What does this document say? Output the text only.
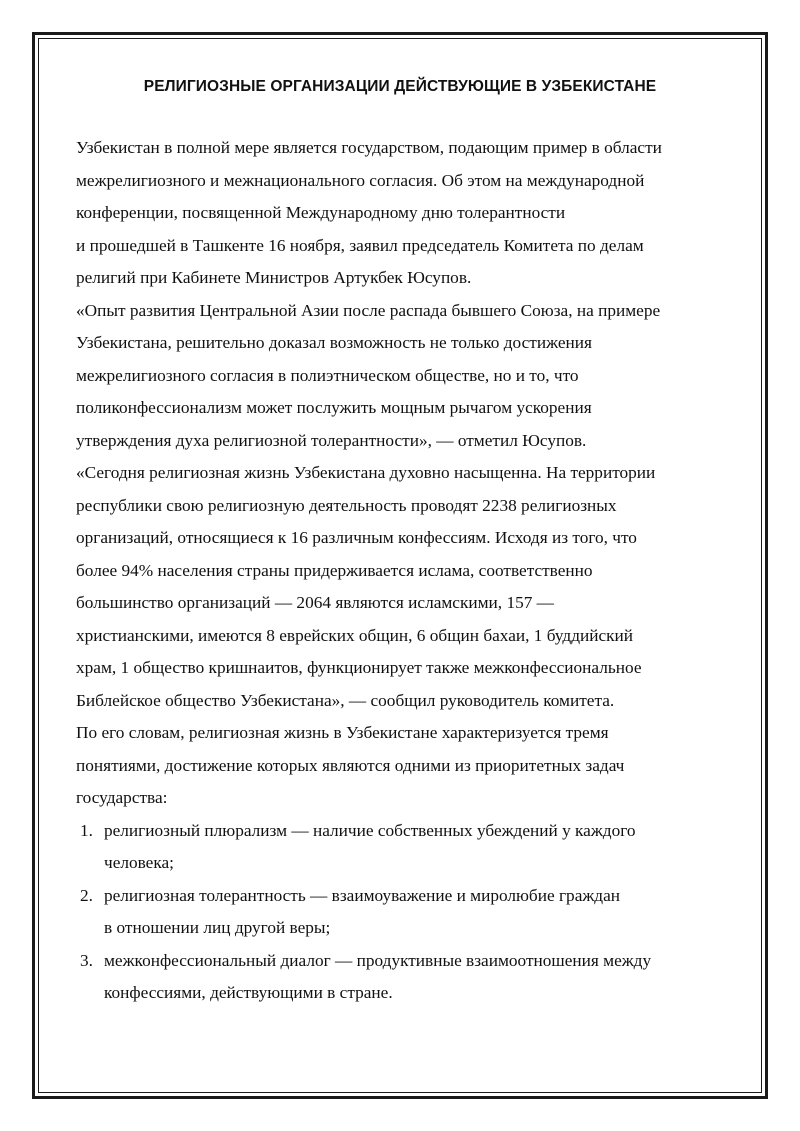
РЕЛИГИОЗНЫЕ ОРГАНИЗАЦИИ ДЕЙСТВУЮЩИЕ В УЗБЕКИСТАНЕ
Узбекистан в полной мере является государством, подающим пример в области
межрелигиозного и межнационального согласия. Об этом на международной
конференции, посвященной Международному дню толерантности
и прошедшей в Ташкенте 16 ноября, заявил председатель Комитета по делам
религий при Кабинете Министров Артукбек Юсупов.
«Опыт развития Центральной Азии после распада бывшего Союза, на примере
Узбекистана, решительно доказал возможность не только достижения
межрелигиозного согласия в полиэтническом обществе, но и то, что
поликонфессионализм может послужить мощным рычагом ускорения
утверждения духа религиозной толерантности», — отметил Юсупов.
«Сегодня религиозная жизнь Узбекистана духовно насыщенна. На территории
республики свою религиозную деятельность проводят 2238 религиозных
организаций, относящиеся к 16 различным конфессиям. Исходя из того, что
более 94% населения страны придерживается ислама, соответственно
большинство организаций — 2064 являются исламскими, 157 —
христианскими, имеются 8 еврейских общин, 6 общин бахаи, 1 буддийский
храм, 1 общество кришнаитов, функционирует также межконфессиональное
Библейское общество Узбекистана», — сообщил руководитель комитета.
По его словам, религиозная жизнь в Узбекистане характеризуется тремя
понятиями, достижение которых являются одними из приоритетных задач
государства:
1. религиозный плюрализм — наличие собственных убеждений у каждого
человека;
2. религиозная толерантность — взаимоуважение и миролюбие граждан
в отношении лиц другой веры;
3. межконфессиональный диалог — продуктивные взаимоотношения между
конфессиями, действующими в стране.
